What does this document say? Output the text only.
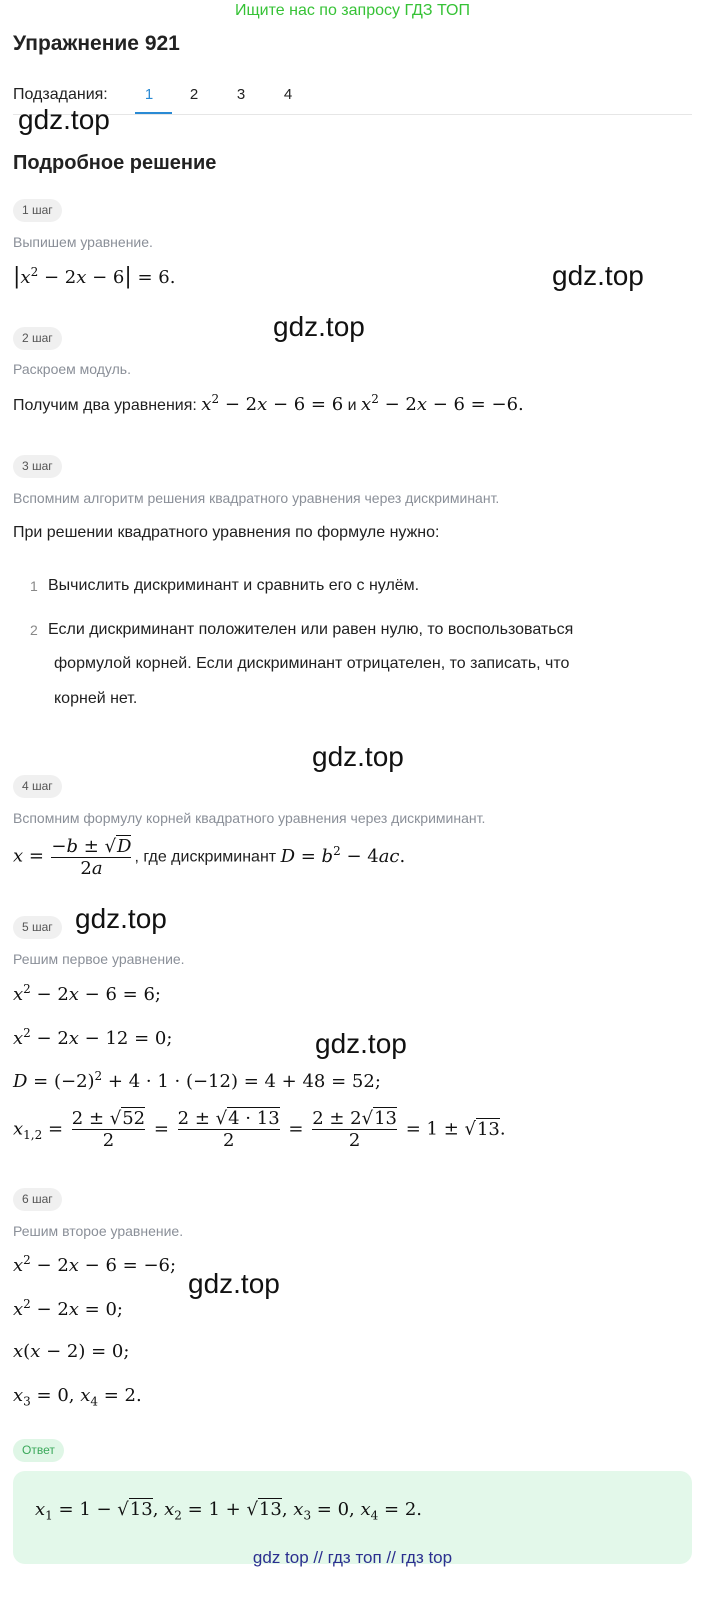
Ищите нас по запросу ГДЗ ТОП
Упражнение 921
Подзадания:	1	2	3	4
gdz.top
gdz.top
gdz.top
gdz.top
gdz.top
gdz.top
gdz.top
Подробное решение
1 шаг
Выпишем уравнение.
$|x^2 - 2x - 6| = 6$.
2 шаг
Раскроем модуль.
Получим два уравнения: $x^2 - 2x - 6 = 6$ и $x^2 - 2x - 6 = -6$.
3 шаг
Вспомним алгоритм решения квадратного уравнения через дискриминант.
При решении квадратного уравнения по формуле нужно:
1 Вычислить дискриминант и сравнить его с нулём.
2 Если дискриминант положителен или равен нулю, то воспользоваться
формулой корней. Если дискриминант отрицателен, то записать, что
корней нет.
4 шаг
Вспомним формулу корней квадратного уравнения через дискриминант.
$x = \frac{-b \pm √D}{2a}$ , где дискриминант $D = b^2 - 4ac$.
5 шаг
Решим первое уравнение.
$x^2 - 2x - 6 = 6$;
$x^2 - 2x - 12 = 0$;
$D = (-2)^2 + 4 \cdot 1 \cdot (-12) = 4 + 48 = 52$;
$x_{1,2} = \frac{2 \pm √52}{2} = \frac{2 \pm √4 \cdot 13}{2} = \frac{2 \pm 2√13}{2} = 1 \pm √13$.
6 шаг
Решим второе уравнение.
$x^2 - 2x - 6 = -6$;
$x^2 - 2x = 0$;
x(x − 2) = 0;
$x_3 = 0$, $x_4 = 2$.
Ответ
$x_1 = 1 - √13$, $x_2 = 1 + √13$, $x_3 = 0$, $x_4 = 2$.
gdz top // гдз топ // гдз top
